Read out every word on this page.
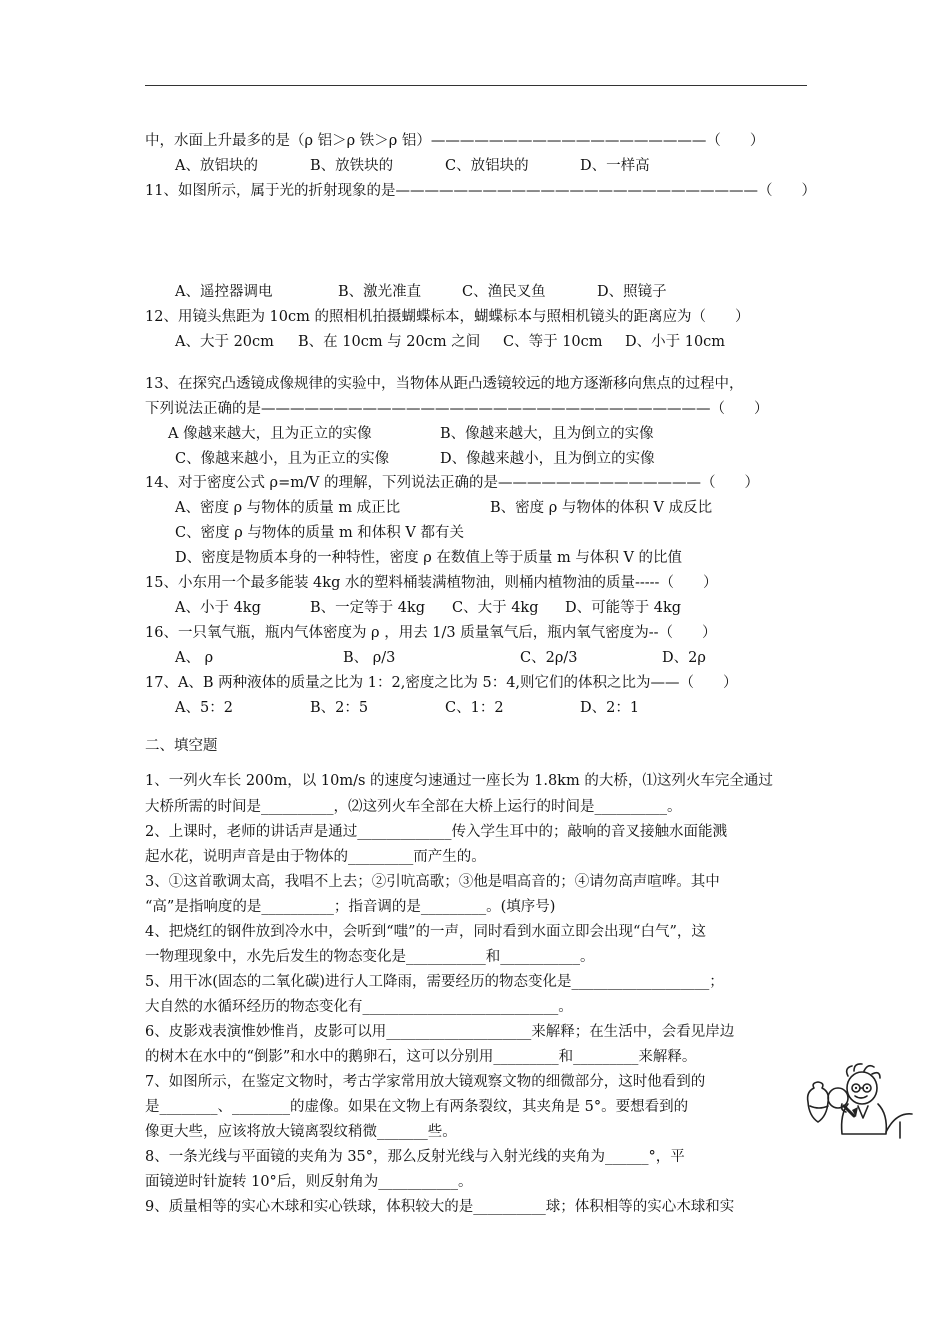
中，水面上升最多的是（ρ 铝＞ρ 铁＞ρ 铝）———————————————————（　　）
A、放铝块的	B、放铁块的	C、放铝块的	D、一样高
11、如图所示，属于光的折射现象的是—————————————————————————（　　）
A、遥控器调电	B、激光准直	C、渔民叉鱼	D、照镜子
12、用镜头焦距为 10cm 的照相机拍摄蝴蝶标本，蝴蝶标本与照相机镜头的距离应为（　　）
A、大于 20cm B、在 10cm 与 20cm 之间 C、等于 10cm D、小于 10cm
13、在探究凸透镜成像规律的实验中，当物体从距凸透镜较远的地方逐渐移向焦点的过程中，
下列说法正确的是———————————————————————————————（　　）
A 像越来越大，且为正立的实像	B、像越来越大，且为倒立的实像
C、像越来越小，且为正立的实像	D、像越来越小，且为倒立的实像
14、对于密度公式 ρ=m/V 的理解，下列说法正确的是——————————————（　　）
A、密度 ρ 与物体的质量 m 成正比	B、密度 ρ 与物体的体积 V 成反比
C、密度 ρ 与物体的质量 m 和体积 V 都有关
D、密度是物质本身的一种特性，密度 ρ 在数值上等于质量 m 与体积 V 的比值
15、小东用一个最多能装 4kg 水的塑料桶装满植物油，则桶内植物油的质量-----（　　）
A、小于 4kg	B、一定等于 4kg C、大于 4kg D、可能等于 4kg
16、一只氧气瓶，瓶内气体密度为 ρ ，用去 1/3 质量氧气后，瓶内氧气密度为--（　　）
A、 ρ	B、 ρ/3	C、2ρ/3	D、2ρ
17、A、B 两种液体的质量之比为 1：2,密度之比为 5：4,则它们的体积之比为——（　　）
A、5：2	B、2：5	C、1：2	D、2：1
二、填空题
1、一列火车长 200m，以 10m/s 的速度匀速通过一座长为 1.8km 的大桥，⑴这列火车完全通过
大桥所需的时间是__________，⑵这列火车全部在大桥上运行的时间是__________。
2、上课时，老师的讲话声是通过_____________传入学生耳中的；敲响的音叉接触水面能溅
起水花，说明声音是由于物体的_________而产生的。
3、①这首歌调太高，我唱不上去；②引吭高歌；③他是唱高音的；④请勿高声喧哗。其中
“高”是指响度的是__________；指音调的是_________。(填序号)
4、把烧红的钢件放到冷水中，会听到“嗤”的一声，同时看到水面立即会出现“白气”，这
一物理现象中，水先后发生的物态变化是___________和___________。
5、用干冰(固态的二氧化碳)进行人工降雨，需要经历的物态变化是___________________；
大自然的水循环经历的物态变化有___________________________。
6、皮影戏表演惟妙惟肖，皮影可以用____________________来解释；在生活中，会看见岸边
的树木在水中的“倒影”和水中的鹅卵石，这可以分别用_________和_________来解释。
7、如图所示，在鉴定文物时，考古学家常用放大镜观察文物的细微部分，这时他看到的
是________、________的虚像。如果在文物上有两条裂纹，其夹角是 5°。要想看到的
像更大些，应该将放大镜离裂纹稍微_______些。
8、一条光线与平面镜的夹角为 35°，那么反射光线与入射光线的夹角为______°，平
面镜逆时针旋转 10°后，则反射角为___________。
9、质量相等的实心木球和实心铁球，体积较大的是__________球；体积相等的实心木球和实
